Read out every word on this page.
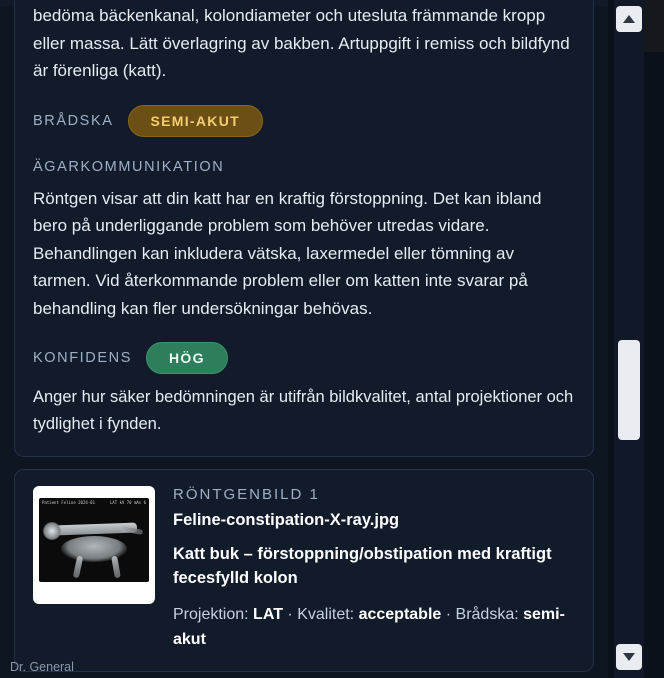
bedöma bäckenkanal, kolondiameter och utesluta främmande kropp eller massa. Lätt överlagring av bakben. Artuppgift i remiss och bildfynd är förenliga (katt).

BRÅDSKA	SEMI-AKUT
ÄGARKOMMUNIKATION

Röntgen visar att din katt har en kraftig förstoppning. Det kan ibland bero på underliggande problem som behöver utredas vidare. Behandlingen kan inkludera vätska, laxermedel eller tömning av tarmen. Vid återkommande problem eller om katten inte svarar på behandling kan fler undersökningar behövas.

KONFIDENS	HÖG

Anger hur säker bedömningen är utifrån bildkvalitet, antal projektioner och tydlighet i fynden.

Patient Feline 2024-01	LAT kV 70 mAs 6 RÖNTGENBILD 1
Feline-constipation-X-ray.jpg
Katt buk – förstoppning/obstipation med kraftigt fecesfylld kolon
Projektion: LAT · Kvalitet: acceptable · Brådska: semi-akut
Dr. General
